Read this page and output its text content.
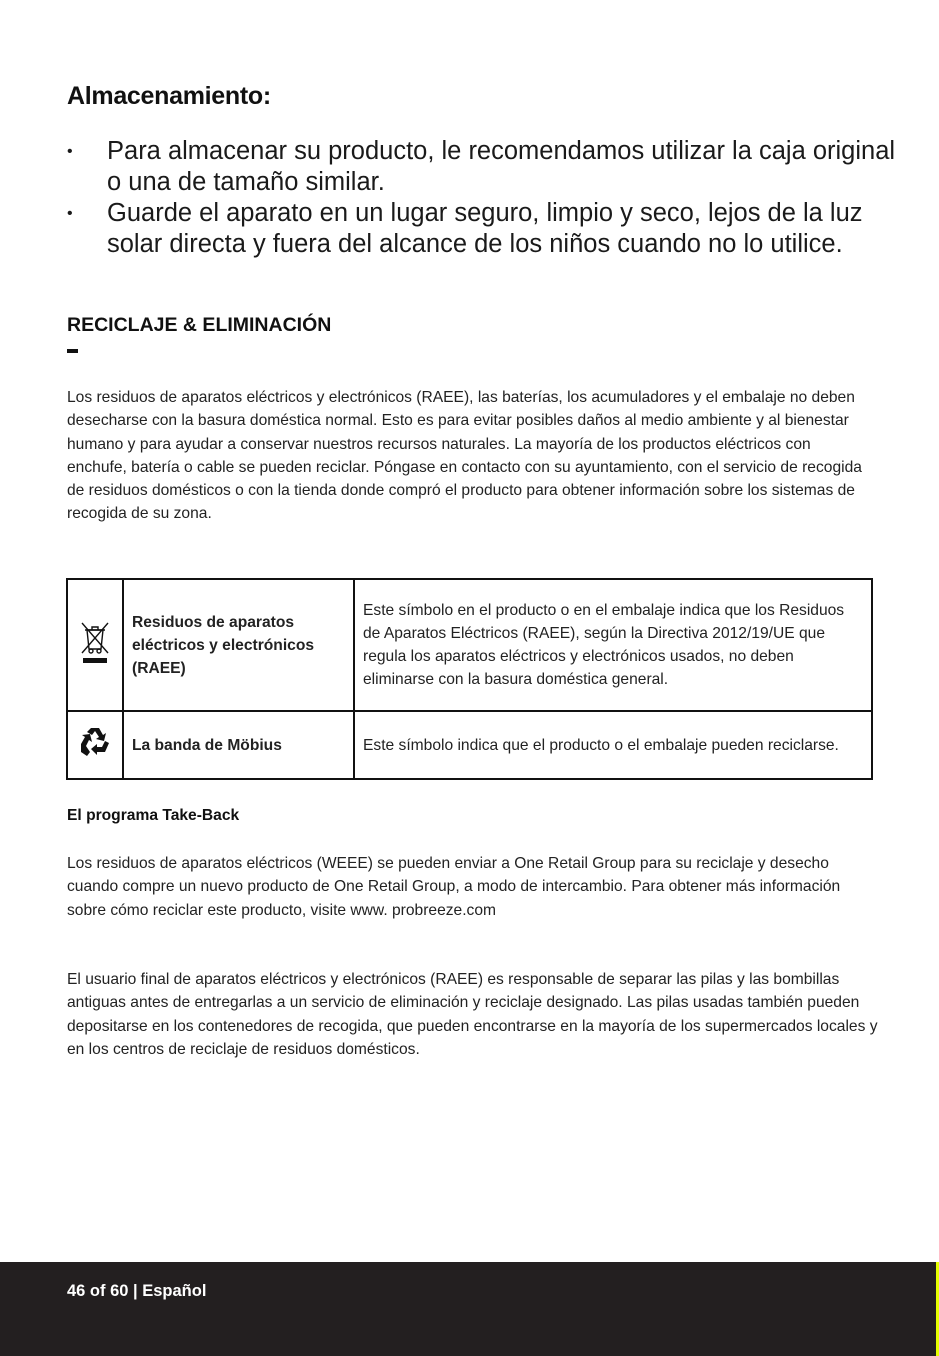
Almacenamiento:
• Para almacenar su producto, le recomendamos utilizar la caja original o una de tamaño similar.
• Guarde el aparato en un lugar seguro, limpio y seco, lejos de la luz solar directa y fuera del alcance de los niños cuando no lo utilice.
RECICLAJE & ELIMINACIÓN

Los residuos de aparatos eléctricos y electrónicos (RAEE), las baterías, los acumuladores y el embalaje no deben desecharse con la basura doméstica normal. Esto es para evitar posibles daños al medio ambiente y al bienestar humano y para ayudar a conservar nuestros recursos naturales. La mayoría de los productos eléctricos con enchufe, batería o cable se pueden reciclar. Póngase en contacto con su ayuntamiento, con el servicio de recogida de residuos domésticos o con la tienda donde compró el producto para obtener información sobre los sistemas de recogida de su zona.

	Residuos de aparatos eléctricos y electrónicos (RAEE)	Este símbolo en el producto o en el embalaje indica que los Residuos de Aparatos Eléctricos (RAEE), según la Directiva 2012/19/UE que regula los aparatos eléctricos y electrónicos usados, no deben eliminarse con la basura doméstica general.
	La banda de Möbius	Este símbolo indica que el producto o el embalaje pueden reciclarse.
El programa Take-Back

Los residuos de aparatos eléctricos (WEEE) se pueden enviar a One Retail Group para su reciclaje y desecho cuando compre un nuevo producto de One Retail Group, a modo de intercambio. Para obtener más información sobre cómo reciclar este producto, visite www. probreeze.com

El usuario final de aparatos eléctricos y electrónicos (RAEE) es responsable de separar las pilas y las bombillas antiguas antes de entregarlas a un servicio de eliminación y reciclaje designado. Las pilas usadas también pueden depositarse en los contenedores de recogida, que pueden encontrarse en la mayoría de los supermercados locales y en los centros de reciclaje de residuos domésticos.

46 of 60 | Español
